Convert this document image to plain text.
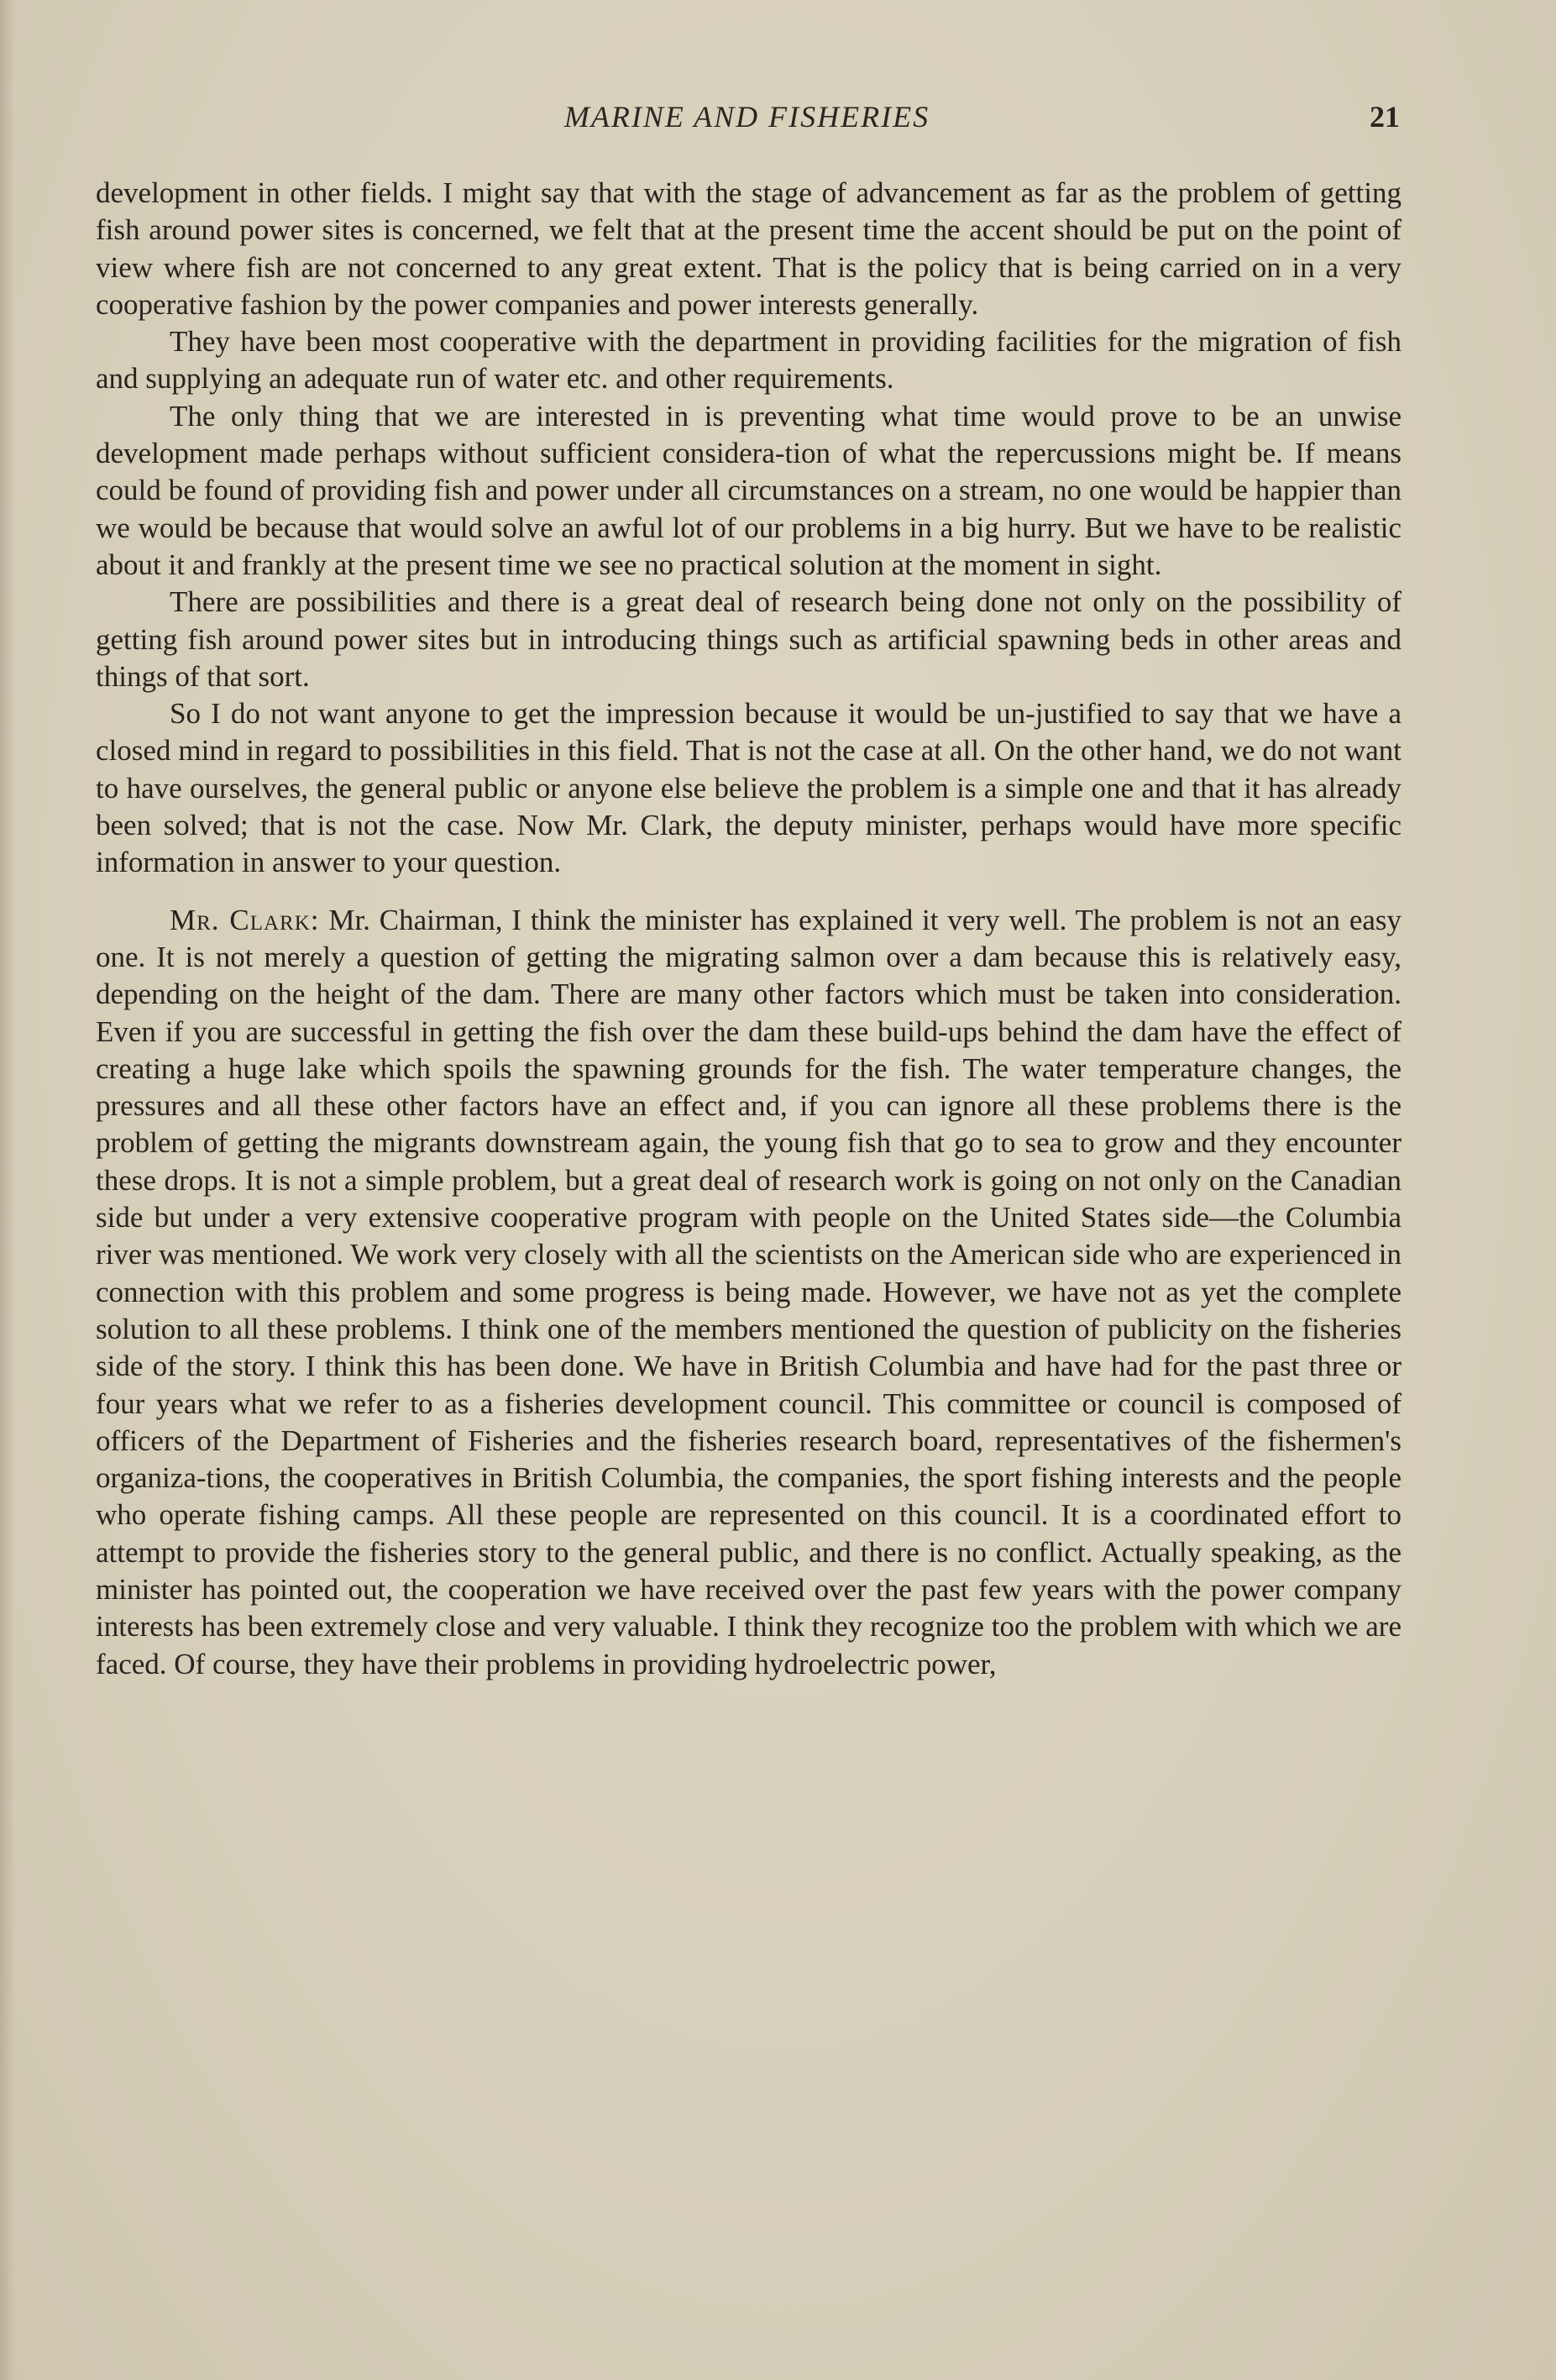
MARINE AND FISHERIES	21

development in other fields. I might say that with the stage of advancement as far as the problem of getting fish around power sites is concerned, we felt that at the present time the accent should be put on the point of view where fish are not concerned to any great extent. That is the policy that is being carried on in a very cooperative fashion by the power companies and power interests generally.

They have been most cooperative with the department in providing facilities for the migration of fish and supplying an adequate run of water etc. and other requirements.

The only thing that we are interested in is preventing what time would prove to be an unwise development made perhaps without sufficient considera-tion of what the repercussions might be. If means could be found of providing fish and power under all circumstances on a stream, no one would be happier than we would be because that would solve an awful lot of our problems in a big hurry. But we have to be realistic about it and frankly at the present time we see no practical solution at the moment in sight.

There are possibilities and there is a great deal of research being done not only on the possibility of getting fish around power sites but in introducing things such as artificial spawning beds in other areas and things of that sort.

So I do not want anyone to get the impression because it would be un-justified to say that we have a closed mind in regard to possibilities in this field. That is not the case at all. On the other hand, we do not want to have ourselves, the general public or anyone else believe the problem is a simple one and that it has already been solved; that is not the case. Now Mr. Clark, the deputy minister, perhaps would have more specific information in answer to your question.

Mr. Clark: Mr. Chairman, I think the minister has explained it very well. The problem is not an easy one. It is not merely a question of getting the migrating salmon over a dam because this is relatively easy, depending on the height of the dam. There are many other factors which must be taken into consideration. Even if you are successful in getting the fish over the dam these build-ups behind the dam have the effect of creating a huge lake which spoils the spawning grounds for the fish. The water temperature changes, the pressures and all these other factors have an effect and, if you can ignore all these problems there is the problem of getting the migrants downstream again, the young fish that go to sea to grow and they encounter these drops. It is not a simple problem, but a great deal of research work is going on not only on the Canadian side but under a very extensive cooperative program with people on the United States side—the Columbia river was mentioned. We work very closely with all the scientists on the American side who are experienced in connection with this problem and some progress is being made. However, we have not as yet the complete solution to all these problems. I think one of the members mentioned the question of publicity on the fisheries side of the story. I think this has been done. We have in British Columbia and have had for the past three or four years what we refer to as a fisheries development council. This committee or council is composed of officers of the Department of Fisheries and the fisheries research board, representatives of the fishermen's organiza-tions, the cooperatives in British Columbia, the companies, the sport fishing interests and the people who operate fishing camps. All these people are represented on this council. It is a coordinated effort to attempt to provide the fisheries story to the general public, and there is no conflict. Actually speaking, as the minister has pointed out, the cooperation we have received over the past few years with the power company interests has been extremely close and very valuable. I think they recognize too the problem with which we are faced. Of course, they have their problems in providing hydroelectric power,
